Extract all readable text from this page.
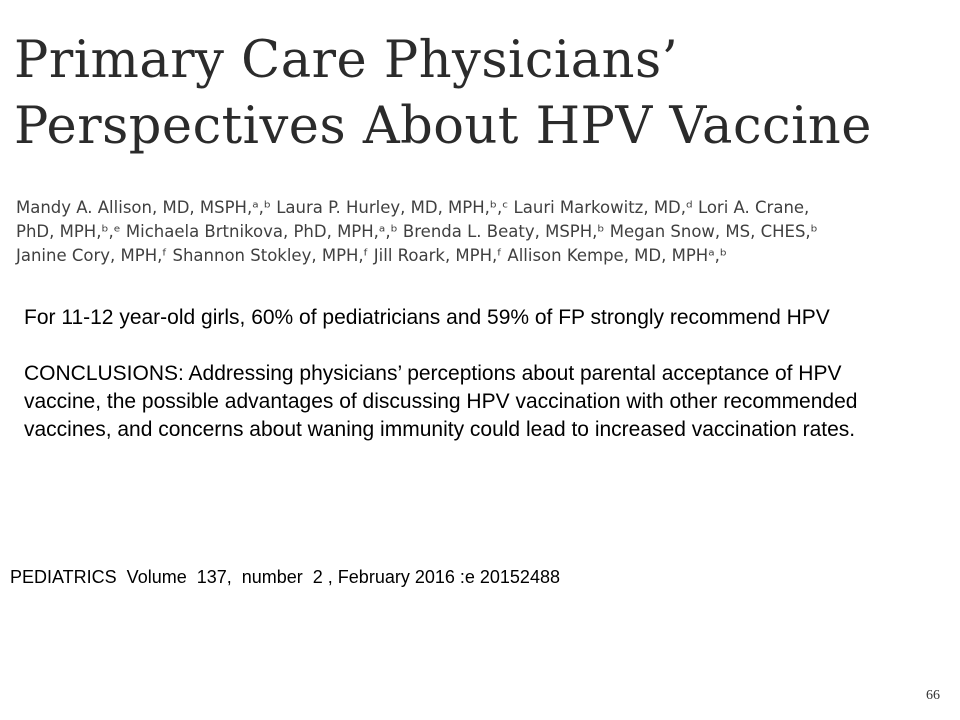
Primary Care Physicians’
Perspectives About HPV Vaccine
Mandy A. Allison, MD, MSPH,ᵃ,ᵇ Laura P. Hurley, MD, MPH,ᵇ,ᶜ Lauri Markowitz, MD,ᵈ Lori A. Crane,
PhD, MPH,ᵇ,ᵉ Michaela Brtnikova, PhD, MPH,ᵃ,ᵇ Brenda L. Beaty, MSPH,ᵇ Megan Snow, MS, CHES,ᵇ
Janine Cory, MPH,ᶠ Shannon Stokley, MPH,ᶠ Jill Roark, MPH,ᶠ Allison Kempe, MD, MPHᵃ,ᵇ

For 11-12 year-old girls, 60% of pediatricians and 59% of FP strongly recommend HPV

CONCLUSIONS: Addressing physicians’ perceptions about parental acceptance of HPV vaccine, the possible advantages of discussing HPV vaccination with other recommended vaccines, and concerns about waning immunity could lead to increased vaccination rates.

PEDIATRICS  Volume  137,  number  2 , February 2016 :e 20152488
66
